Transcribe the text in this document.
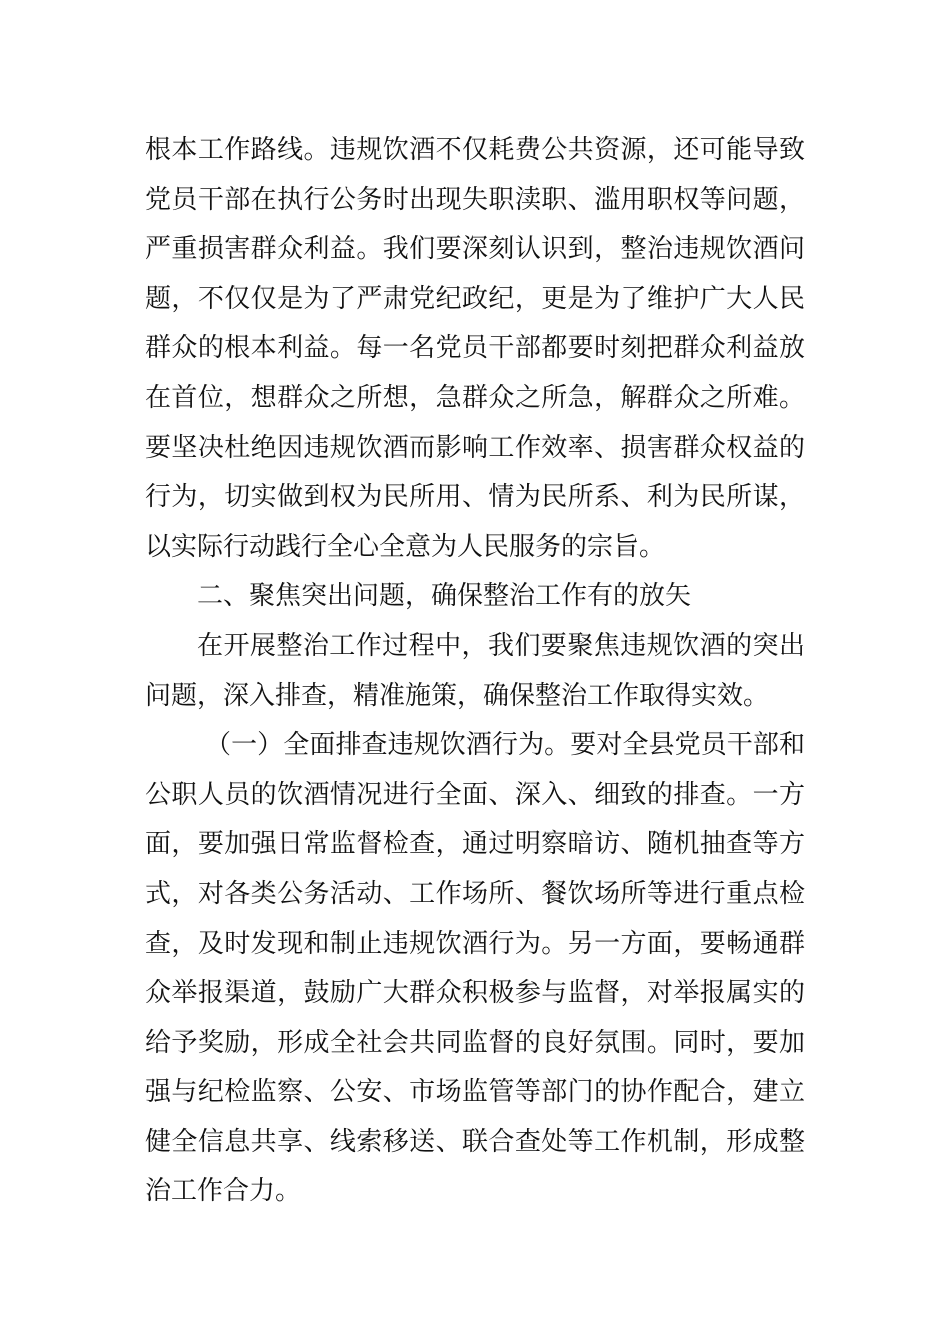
根本工作路线。违规饮酒不仅耗费公共资源，还可能导致党员干部在执行公务时出现失职渎职、滥用职权等问题，严重损害群众利益。我们要深刻认识到，整治违规饮酒问题，不仅仅是为了严肃党纪政纪，更是为了维护广大人民群众的根本利益。每一名党员干部都要时刻把群众利益放在首位，想群众之所想，急群众之所急，解群众之所难。要坚决杜绝因违规饮酒而影响工作效率、损害群众权益的行为，切实做到权为民所用、情为民所系、利为民所谋，以实际行动践行全心全意为人民服务的宗旨。

二、聚焦突出问题，确保整治工作有的放矢

在开展整治工作过程中，我们要聚焦违规饮酒的突出问题，深入排查，精准施策，确保整治工作取得实效。

（一）全面排查违规饮酒行为。要对全县党员干部和公职人员的饮酒情况进行全面、深入、细致的排查。一方面，要加强日常监督检查，通过明察暗访、随机抽查等方式，对各类公务活动、工作场所、餐饮场所等进行重点检查，及时发现和制止违规饮酒行为。另一方面，要畅通群众举报渠道，鼓励广大群众积极参与监督，对举报属实的给予奖励，形成全社会共同监督的良好氛围。同时，要加强与纪检监察、公安、市场监管等部门的协作配合，建立健全信息共享、线索移送、联合查处等工作机制，形成整治工作合力。
